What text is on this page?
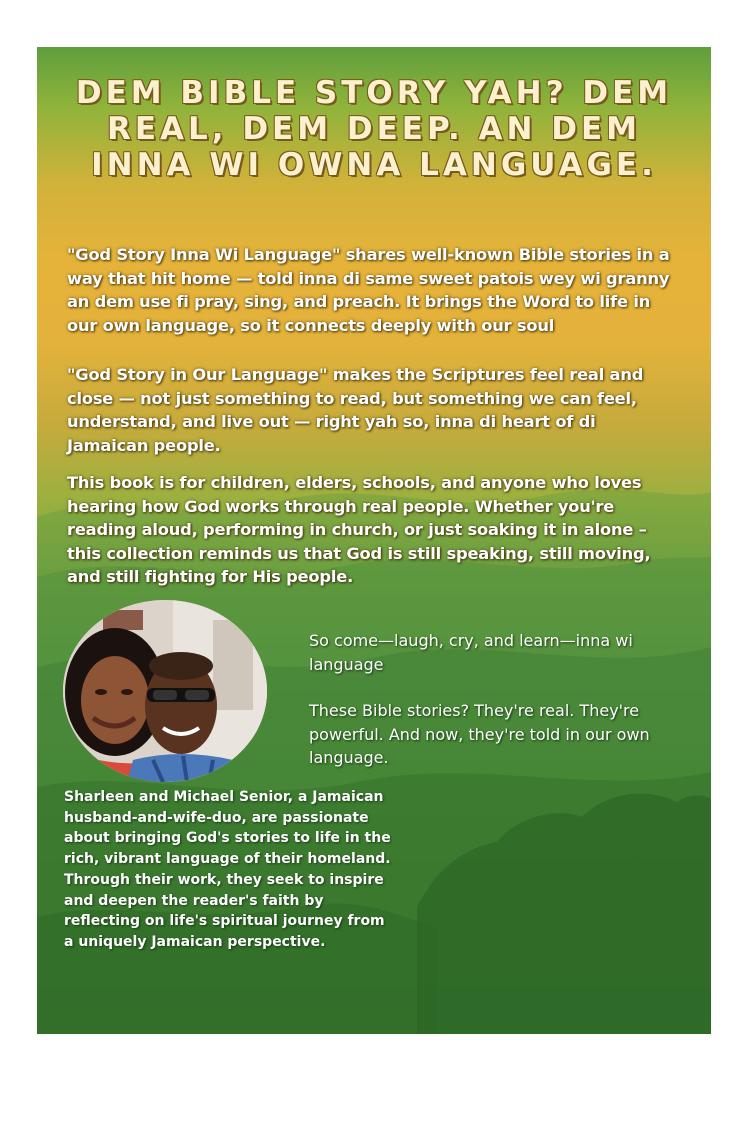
DEM BIBLE STORY YAH? DEM REAL, DEM DEEP. AN DEM INNA WI OWNA LANGUAGE.

"God Story Inna Wi Language" shares well-known Bible stories in a way that hit home — told inna di same sweet patois wey wi granny an dem use fi pray, sing, and preach. It brings the Word to life in our own language, so it connects deeply with our soul

"God Story in Our Language" makes the Scriptures feel real and close — not just something to read, but something we can feel, understand, and live out — right yah so, inna di heart of di Jamaican people.

This book is for children, elders, schools, and anyone who loves hearing how God works through real people. Whether you're reading aloud, performing in church, or just soaking it in alone – this collection reminds us that God is still speaking, still moving, and still fighting for His people.

So come—laugh, cry, and learn—inna wi language

These Bible stories? They're real. They're powerful. And now, they're told in our own language.

Sharleen and Michael Senior, a Jamaican husband-and-wife-duo, are passionate about bringing God's stories to life in the rich, vibrant language of their homeland. Through their work, they seek to inspire and deepen the reader's faith by reflecting on life's spiritual journey from a uniquely Jamaican perspective.
